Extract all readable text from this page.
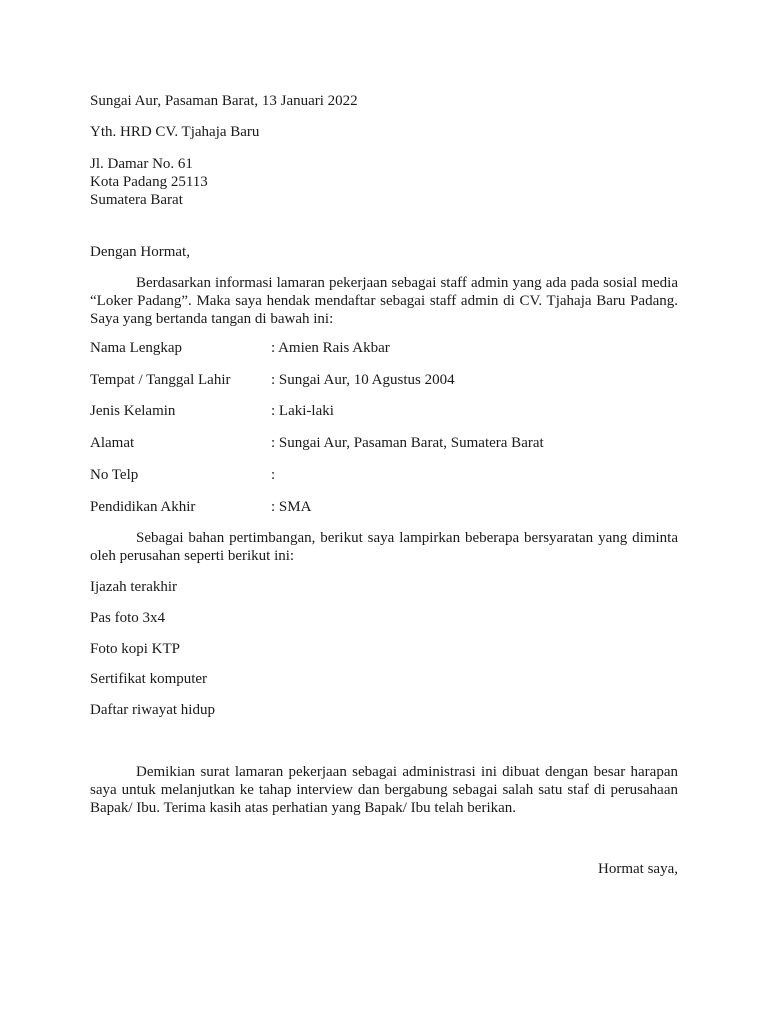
Sungai Aur, Pasaman Barat, 13 Januari 2022

Yth. HRD CV. Tjahaja Baru

Jl. Damar No. 61

Kota Padang 25113

Sumatera Barat

Dengan Hormat,

Berdasarkan informasi lamaran pekerjaan sebagai staff admin yang ada pada sosial media “Loker Padang”. Maka saya hendak mendaftar sebagai staff admin di CV. Tjahaja Baru Padang. Saya yang bertanda tangan di bawah ini:

Nama Lengkap	: Amien Rais Akbar
Tempat / Tanggal Lahir	: Sungai Aur, 10 Agustus 2004
Jenis Kelamin	: Laki-laki
Alamat	: Sungai Aur, Pasaman Barat, Sumatera Barat
No Telp	:
Pendidikan Akhir	: SMA

Sebagai bahan pertimbangan, berikut saya lampirkan beberapa bersyaratan yang diminta oleh perusahan seperti berikut ini:

Ijazah terakhir

Pas foto 3x4

Foto kopi KTP

Sertifikat komputer

Daftar riwayat hidup

Demikian surat lamaran pekerjaan sebagai administrasi ini dibuat dengan besar harapan saya untuk melanjutkan ke tahap interview dan bergabung sebagai salah satu staf di perusahaan Bapak/ Ibu. Terima kasih atas perhatian yang Bapak/ Ibu telah berikan.

Hormat saya,
